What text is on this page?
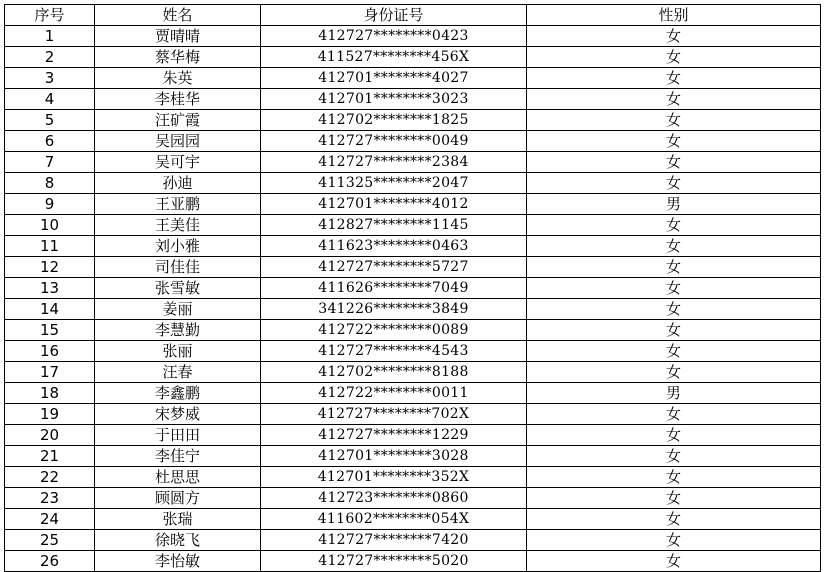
序号	姓名	身份证号	性别
1	贾晴晴	412727********0423	女
2	蔡华梅	411527********456X	女
3	朱英	412701********4027	女
4	李桂华	412701********3023	女
5	汪矿霞	412702********1825	女
6	吴园园	412727********0049	女
7	吴可宇	412727********2384	女
8	孙迪	411325********2047	女
9	王亚鹏	412701********4012	男
10	王美佳	412827********1145	女
11	刘小雅	411623********0463	女
12	司佳佳	412727********5727	女
13	张雪敏	411626********7049	女
14	姜丽	341226********3849	女
15	李慧勤	412722********0089	女
16	张丽	412727********4543	女
17	汪春	412702********8188	女
18	李鑫鹏	412722********0011	男
19	宋梦威	412727********702X	女
20	于田田	412727********1229	女
21	李佳宁	412701********3028	女
22	杜思思	412701********352X	女
23	顾圆方	412723********0860	女
24	张瑞	411602********054X	女
25	徐晓飞	412727********7420	女
26	李怡敏	412727********5020	女
